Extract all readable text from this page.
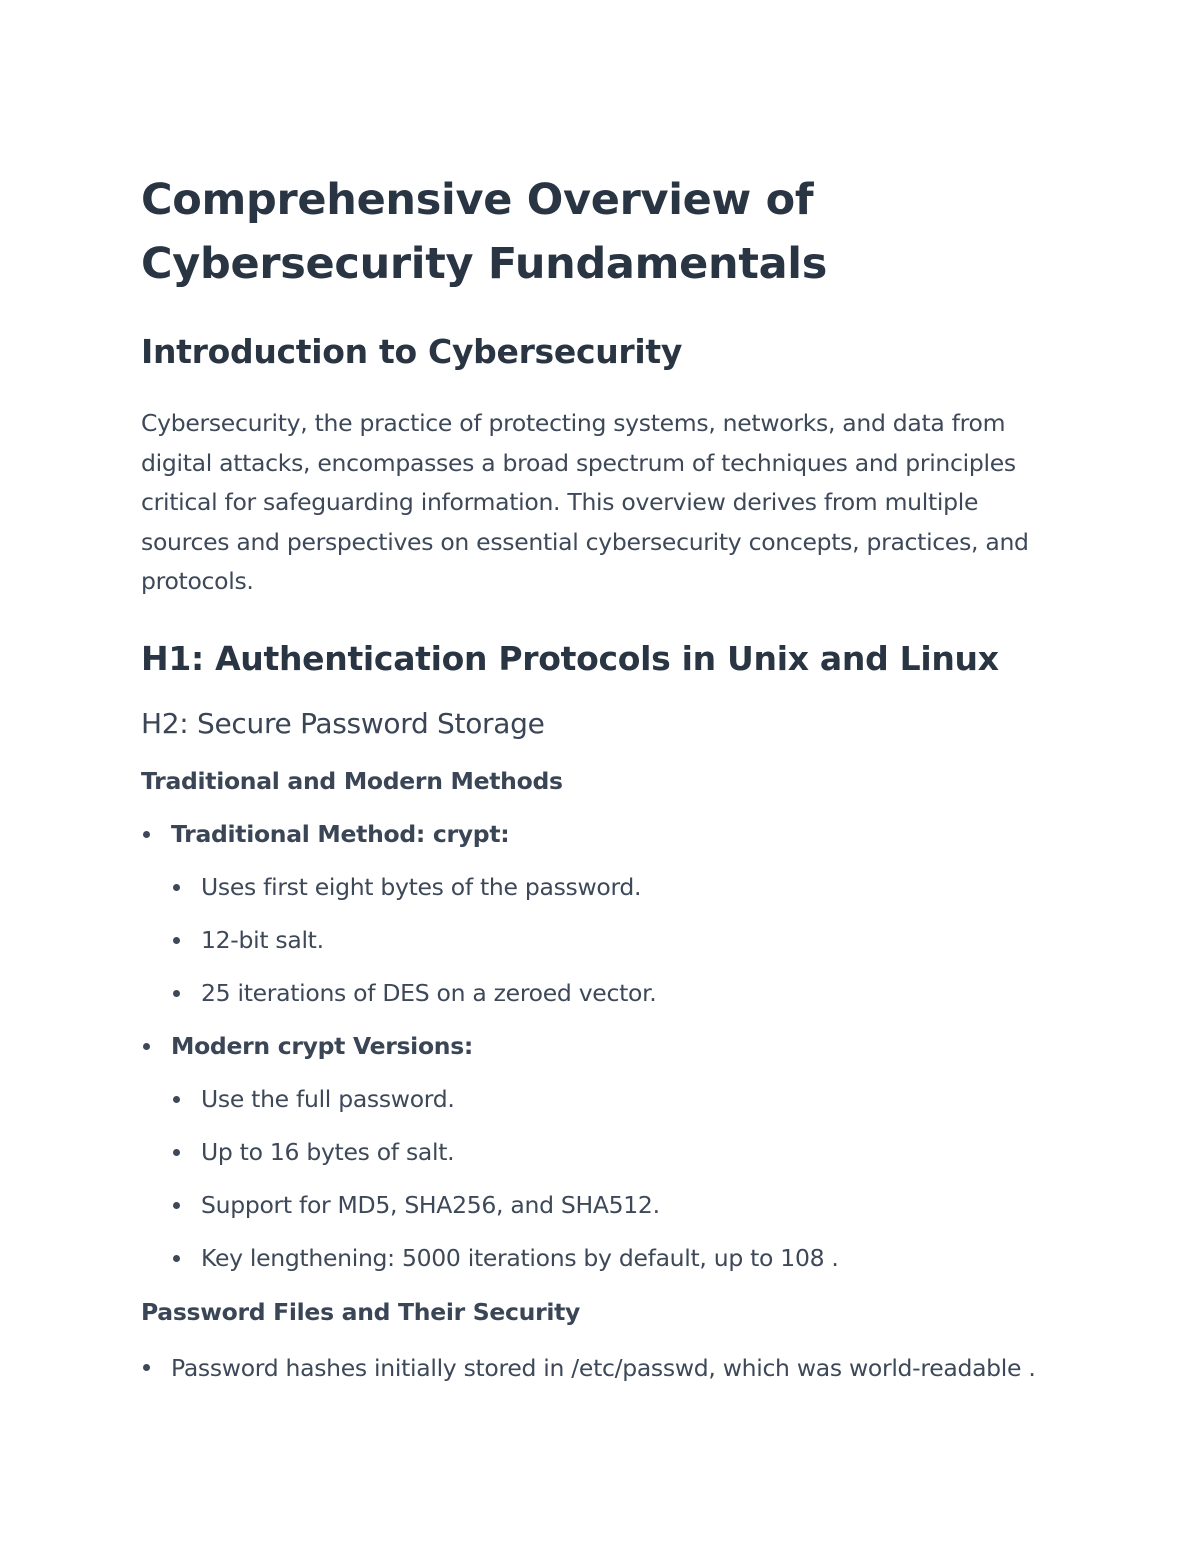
Comprehensive Overview of
Cybersecurity Fundamentals
Introduction to Cybersecurity

Cybersecurity, the practice of protecting systems, networks, and data from digital attacks, encompasses a broad spectrum of techniques and principles critical for safeguarding information. This overview derives from multiple sources and perspectives on essential cybersecurity concepts, practices, and protocols.

H1: Authentication Protocols in Unix and Linux
H2: Secure Password Storage
Traditional and Modern Methods
Traditional Method: crypt:
Uses first eight bytes of the password.
12-bit salt.
25 iterations of DES on a zeroed vector.
Modern crypt Versions:
Use the full password.
Up to 16 bytes of salt.
Support for MD5, SHA256, and SHA512.
Key lengthening: 5000 iterations by default, up to 108 .
Password Files and Their Security
Password hashes initially stored in /etc/passwd, which was world-readable .
